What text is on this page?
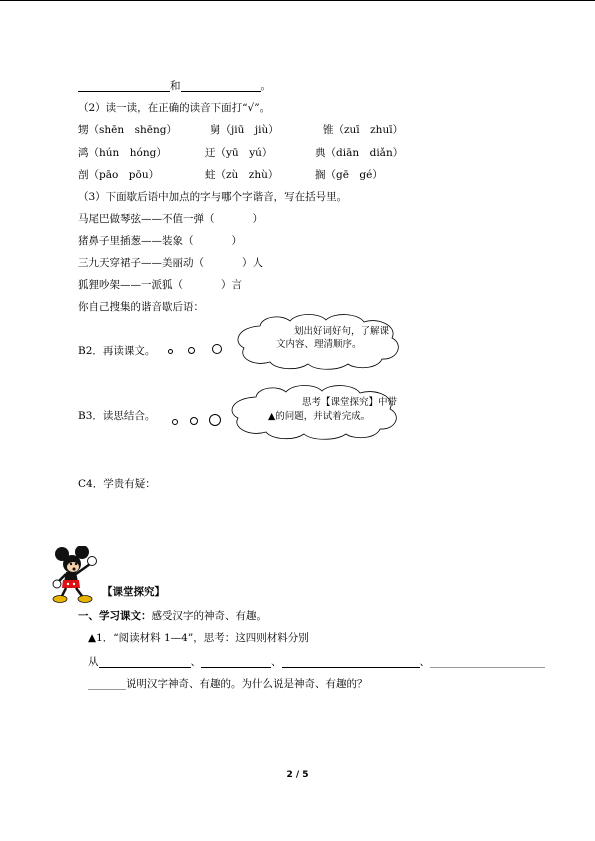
和	。
（2）读一读，在正确的读音下面打“√”。
甥（shēn　shēng）	舅（jiū　jiù）	锥（zuī　zhuī）
鸿（hún　hóng）	迂（yū　yú）	典（diān　diǎn）
剖（pāo　pōu）	蛀（zù　zhù）	搁（gē　gé）
（3）下面歇后语中加点的字与哪个字谐音，写在括号里。
马尾巴做琴弦——不值一弹（	）
猪鼻子里插葱——装象（	）
三九天穿裙子——美丽动（	）人
狐狸吵架——一派狐（	）言
你自己搜集的谐音歇后语：
B2．再读课文。
划出好词好句，了解课
文内容、理清顺序。
B3．读思结合。
思考【课堂探究】中带
▲的问题，并试着完成。
C4．学贵有疑：
【课堂探究】
一、学习课文：感受汉字的神奇、有趣。
▲1．“阅读材料 1—4”，思考：这四则材料分别
从	、	、	、
说明汉字神奇、有趣的。为什么说是神奇、有趣的？
2 / 5
